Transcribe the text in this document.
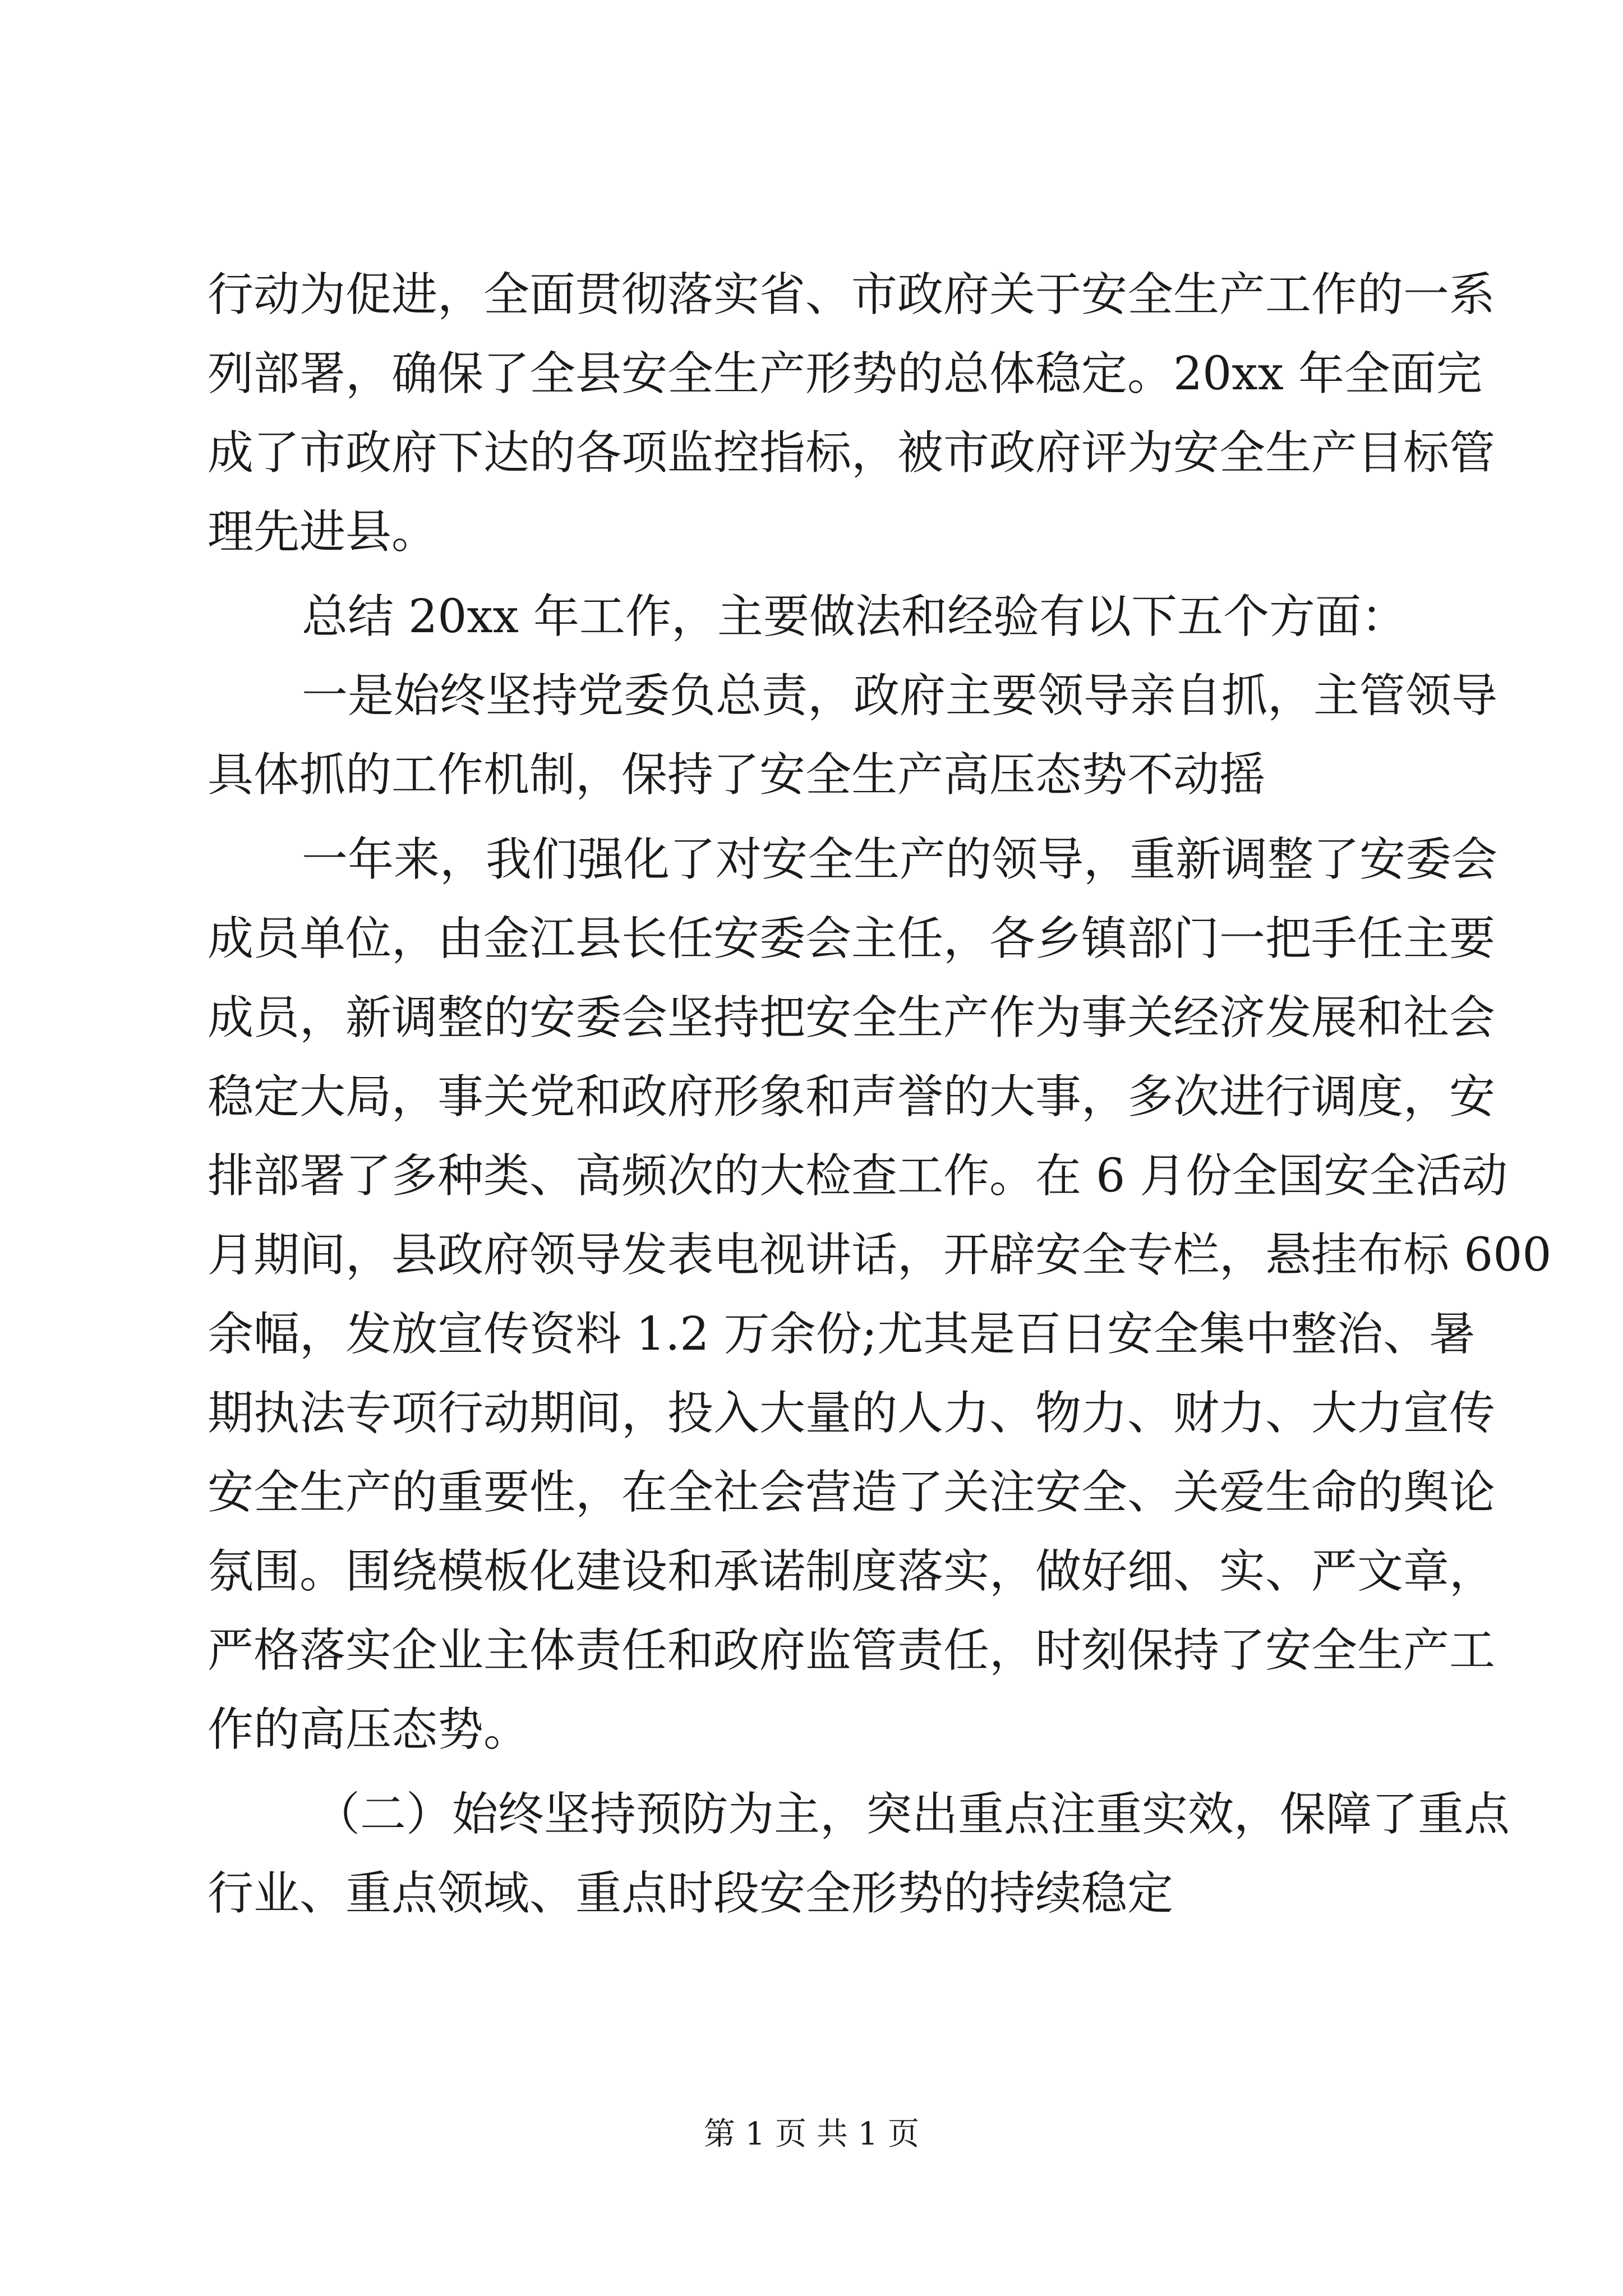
行动为促进，全面贯彻落实省、市政府关于安全生产工作的一系
列部署，确保了全县安全生产形势的总体稳定。20xx 年全面完
成了市政府下达的各项监控指标，被市政府评为安全生产目标管
理先进县。
总结 20xx 年工作，主要做法和经验有以下五个方面：
一是始终坚持党委负总责，政府主要领导亲自抓，主管领导
具体抓的工作机制，保持了安全生产高压态势不动摇
一年来，我们强化了对安全生产的领导，重新调整了安委会
成员单位，由金江县长任安委会主任，各乡镇部门一把手任主要
成员，新调整的安委会坚持把安全生产作为事关经济发展和社会
稳定大局，事关党和政府形象和声誉的大事，多次进行调度，安
排部署了多种类、高频次的大检查工作。在 6 月份全国安全活动
月期间，县政府领导发表电视讲话，开辟安全专栏，悬挂布标 600
余幅，发放宣传资料 1.2 万余份;尤其是百日安全集中整治、暑
期执法专项行动期间，投入大量的人力、物力、财力、大力宣传
安全生产的重要性，在全社会营造了关注安全、关爱生命的舆论
氛围。围绕模板化建设和承诺制度落实，做好细、实、严文章，
严格落实企业主体责任和政府监管责任，时刻保持了安全生产工
作的高压态势。
（二）始终坚持预防为主，突出重点注重实效，保障了重点
行业、重点领域、重点时段安全形势的持续稳定
第 1 页 共 1 页
